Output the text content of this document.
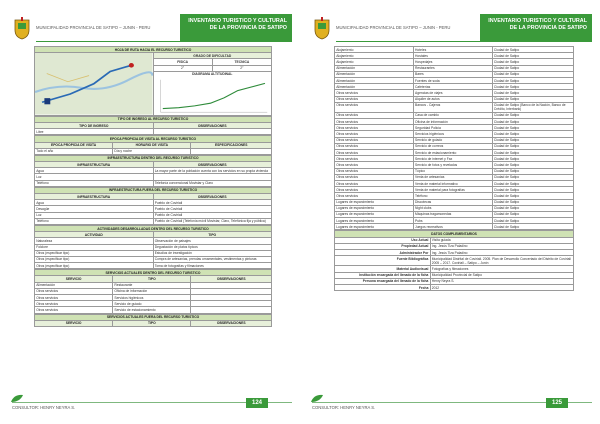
MUNICIPALIDAD PROVINCIAL DE SATIPO – JUNIN - PERU
INVENTARIO TURISTICO Y CULTURAL
DE LA PROVINCIA DE SATIPO
HOJA DE RUTA HACIA EL RECURSO TURISTICO		

	GRADO DE DIFICULTAD	
	FISICA	TECNICA
	2°	2°

	DIAGRAMA ALTITUDINAL	
TIPO DE INGRESO AL RECURSO TURISTICO	
TIPO DE INGRESO	OBSERVACIONES
Libre	
EPOCA PROPICIA DE VISITA AL RECURSO TURISTICO		
EPOCA PROPICIA DE VISITA	HORARIO DE VISITA	ESPECIFICACIONES
Todo el año	Día y noche	
INFRAESTRUCTURA DENTRO DEL RECURSO TURISTICO	
INFRAESTRUCTURA	OBSERVACIONES
Agua	La mayor parte de la población cuenta con los servicios en su propia vivienda
Luz	
Teléfono	Telefonía convencional Movistar y Claro
INFRAESTRUCTURA FUERA DEL RECURSO TURISTICO	
INFRAESTRUCTURA	OBSERVACIONES
Agua	Pueblo de Coviriali
Desagüe	Pueblo de Coviriali
Luz	Pueblo de Coviriali
Teléfono	Pueblo de Coviriali (Telefonía móvil Movistar, Claro, Telefónica fija y pública)
ACTIVIDADES DESARROLLADAS DENTRO DEL RECURSO TURISTICO	
ACTIVIDAD	TIPO
Naturaleza	Observación de paisajes
Folclore	Degustación de platos típicos
Otros (especificar tipo)	Estudios de investigación
Otros (especificar tipo)	Compra de artesanías, prendas ornamentales, vestimentas y pinturas
Otros (especificar tipo)	Toma de fotografías y filmaciones
SERVICIOS ACTUALES DENTRO DEL RECURSO TURISTICO		
SERVICIO	TIPO	OBSERVACIONES
Alimentación	Restaurante	
Otros servicios	Oficina de información	
Otros servicios	Servicios higiénicos	
Otros servicios	Servicio de guiado	
Otros servicios	Servicio de estacionamiento	
SERVICIOS ACTUALES FUERA DEL RECURSO TURISTICO
SERVICIO	TIPO	OBSERVACIONES
CONSULTOR: HENRY NEYRA S.
124
MUNICIPALIDAD PROVINCIAL DE SATIPO – JUNIN - PERU
INVENTARIO TURISTICO Y CULTURAL
DE LA PROVINCIA DE SATIPO
Alojamiento	Hoteles	Ciudad de Satipo
Alojamiento	Hostales	Ciudad de Satipo
Alojamiento	Hospedajes	Ciudad de Satipo
Alimentación	Restaurantes	Ciudad de Satipo
Alimentación	Bares	Ciudad de Satipo
Alimentación	Fuentes de soda	Ciudad de Satipo
Alimentación	Cafeterías	Ciudad de Satipo
Otros servicios	Agencias de viajes	Ciudad de Satipo
Otros servicios	Alquiler de autos	Ciudad de Satipo
Otros servicios	Bancos - Cajeros	Ciudad de Satipo (Banco de la Nación, Banco de Crédito, Interbank)
Otros servicios	Casa de cambio	Ciudad de Satipo
Otros servicios	Oficina de información	Ciudad de Satipo
Otros servicios	Seguridad Policía	Ciudad de Satipo
Otros servicios	Servicios higiénicos	Ciudad de Satipo
Otros servicios	Servicio de guiado	Ciudad de Satipo
Otros servicios	Servicio de correos	Ciudad de Satipo
Otros servicios	Servicio de estacionamiento	Ciudad de Satipo
Otros servicios	Servicio de internet y Fax	Ciudad de Satipo
Otros servicios	Servicio de fotos y revelados	Ciudad de Satipo
Otros servicios	Tópico	Ciudad de Satipo
Otros servicios	Venta de artesanías	Ciudad de Satipo
Otros servicios	Venta de material informativo	Ciudad de Satipo
Otros servicios	Venta de material para fotografías	Ciudad de Satipo
Otros servicios	Teléfono	Ciudad de Satipo
Lugares de esparcimiento	Discotecas	Ciudad de Satipo
Lugares de esparcimiento	Night clubs	Ciudad de Satipo
Lugares de esparcimiento	Máquinas tragamonedas	Ciudad de Satipo
Lugares de esparcimiento	Pubs	Ciudad de Satipo
Lugares de esparcimiento	Juegos recreativos	Ciudad de Satipo
DATOS COMPLEMENTARIOS	
Uso Actual	Visita guiada
Propiedad Actual	Ing. Jesús Tiza Paladino
Administrador Por	Ing. Jesús Tiza Paladino
Fuente Bibliográfica	Municipalidad Distrital de Coviriali. 2005. Plan de Desarrollo Concertado del Distrito de Coviriali 2005 – 2017. Coviriali – Satipo – Junín
Material Audiovisual	Fotografías y filmaciones
Institución encargada del llenado de la ficha	Municipalidad Provincial de Satipo
Persona encargada del llenado de la ficha	Henry Neyra S.
Fecha	2012
CONSULTOR: HENRY NEYRA S.
125
